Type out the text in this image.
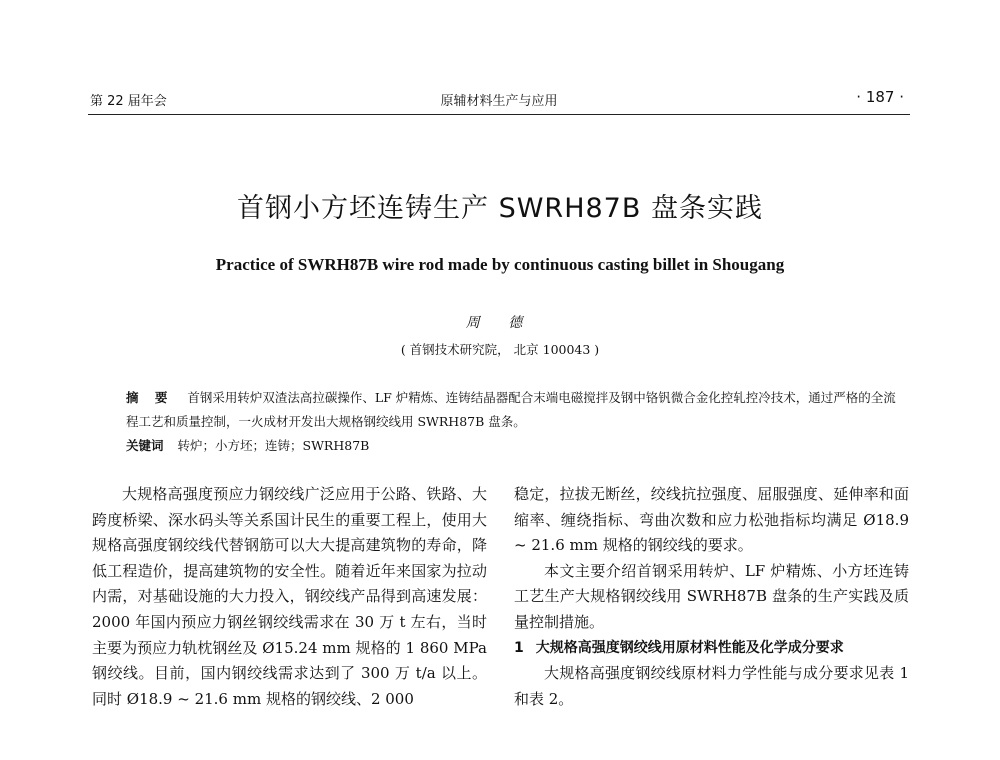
第 22 届年会	原辅材料生产与应用	· 187 ·
首钢小方坯连铸生产 SWRH87B 盘条实践
Practice of SWRH87B wire rod made by continuous casting billet in Shougang
周 德
( 首钢技术研究院， 北京 100043 )
摘 要 首钢采用转炉双渣法高拉碳操作、LF 炉精炼、连铸结晶器配合末端电磁搅拌及钢中铬钒微合金化控轧控冷技术，通过严格的全流程工艺和质量控制，一火成材开发出大规格钢绞线用 SWRH87B 盘条。
关键词 转炉；小方坯；连铸；SWRH87B

大规格高强度预应力钢绞线广泛应用于公路、铁路、大跨度桥梁、深水码头等关系国计民生的重要工程上，使用大规格高强度钢绞线代替钢筋可以大大提高建筑物的寿命，降低工程造价，提高建筑物的安全性。随着近年来国家为拉动内需，对基础设施的大力投入，钢绞线产品得到高速发展：2000 年国内预应力钢丝钢绞线需求在 30 万 t 左右，当时主要为预应力轨枕钢丝及 Ø15.24 mm 规格的 1 860 MPa 钢绞线。目前，国内钢绞线需求达到了 300 万 t/a 以上。同时 Ø18.9 ~ 21.6 mm 规格的钢绞线、2 000

稳定，拉拔无断丝，绞线抗拉强度、屈服强度、延伸率和面缩率、缠绕指标、弯曲次数和应力松弛指标均满足 Ø18.9 ~ 21.6 mm 规格的钢绞线的要求。

本文主要介绍首钢采用转炉、LF 炉精炼、小方坯连铸工艺生产大规格钢绞线用 SWRH87B 盘条的生产实践及质量控制措施。

1 大规格高强度钢绞线用原材料性能及化学成分要求

大规格高强度钢绞线原材料力学性能与成分要求见表 1 和表 2。
